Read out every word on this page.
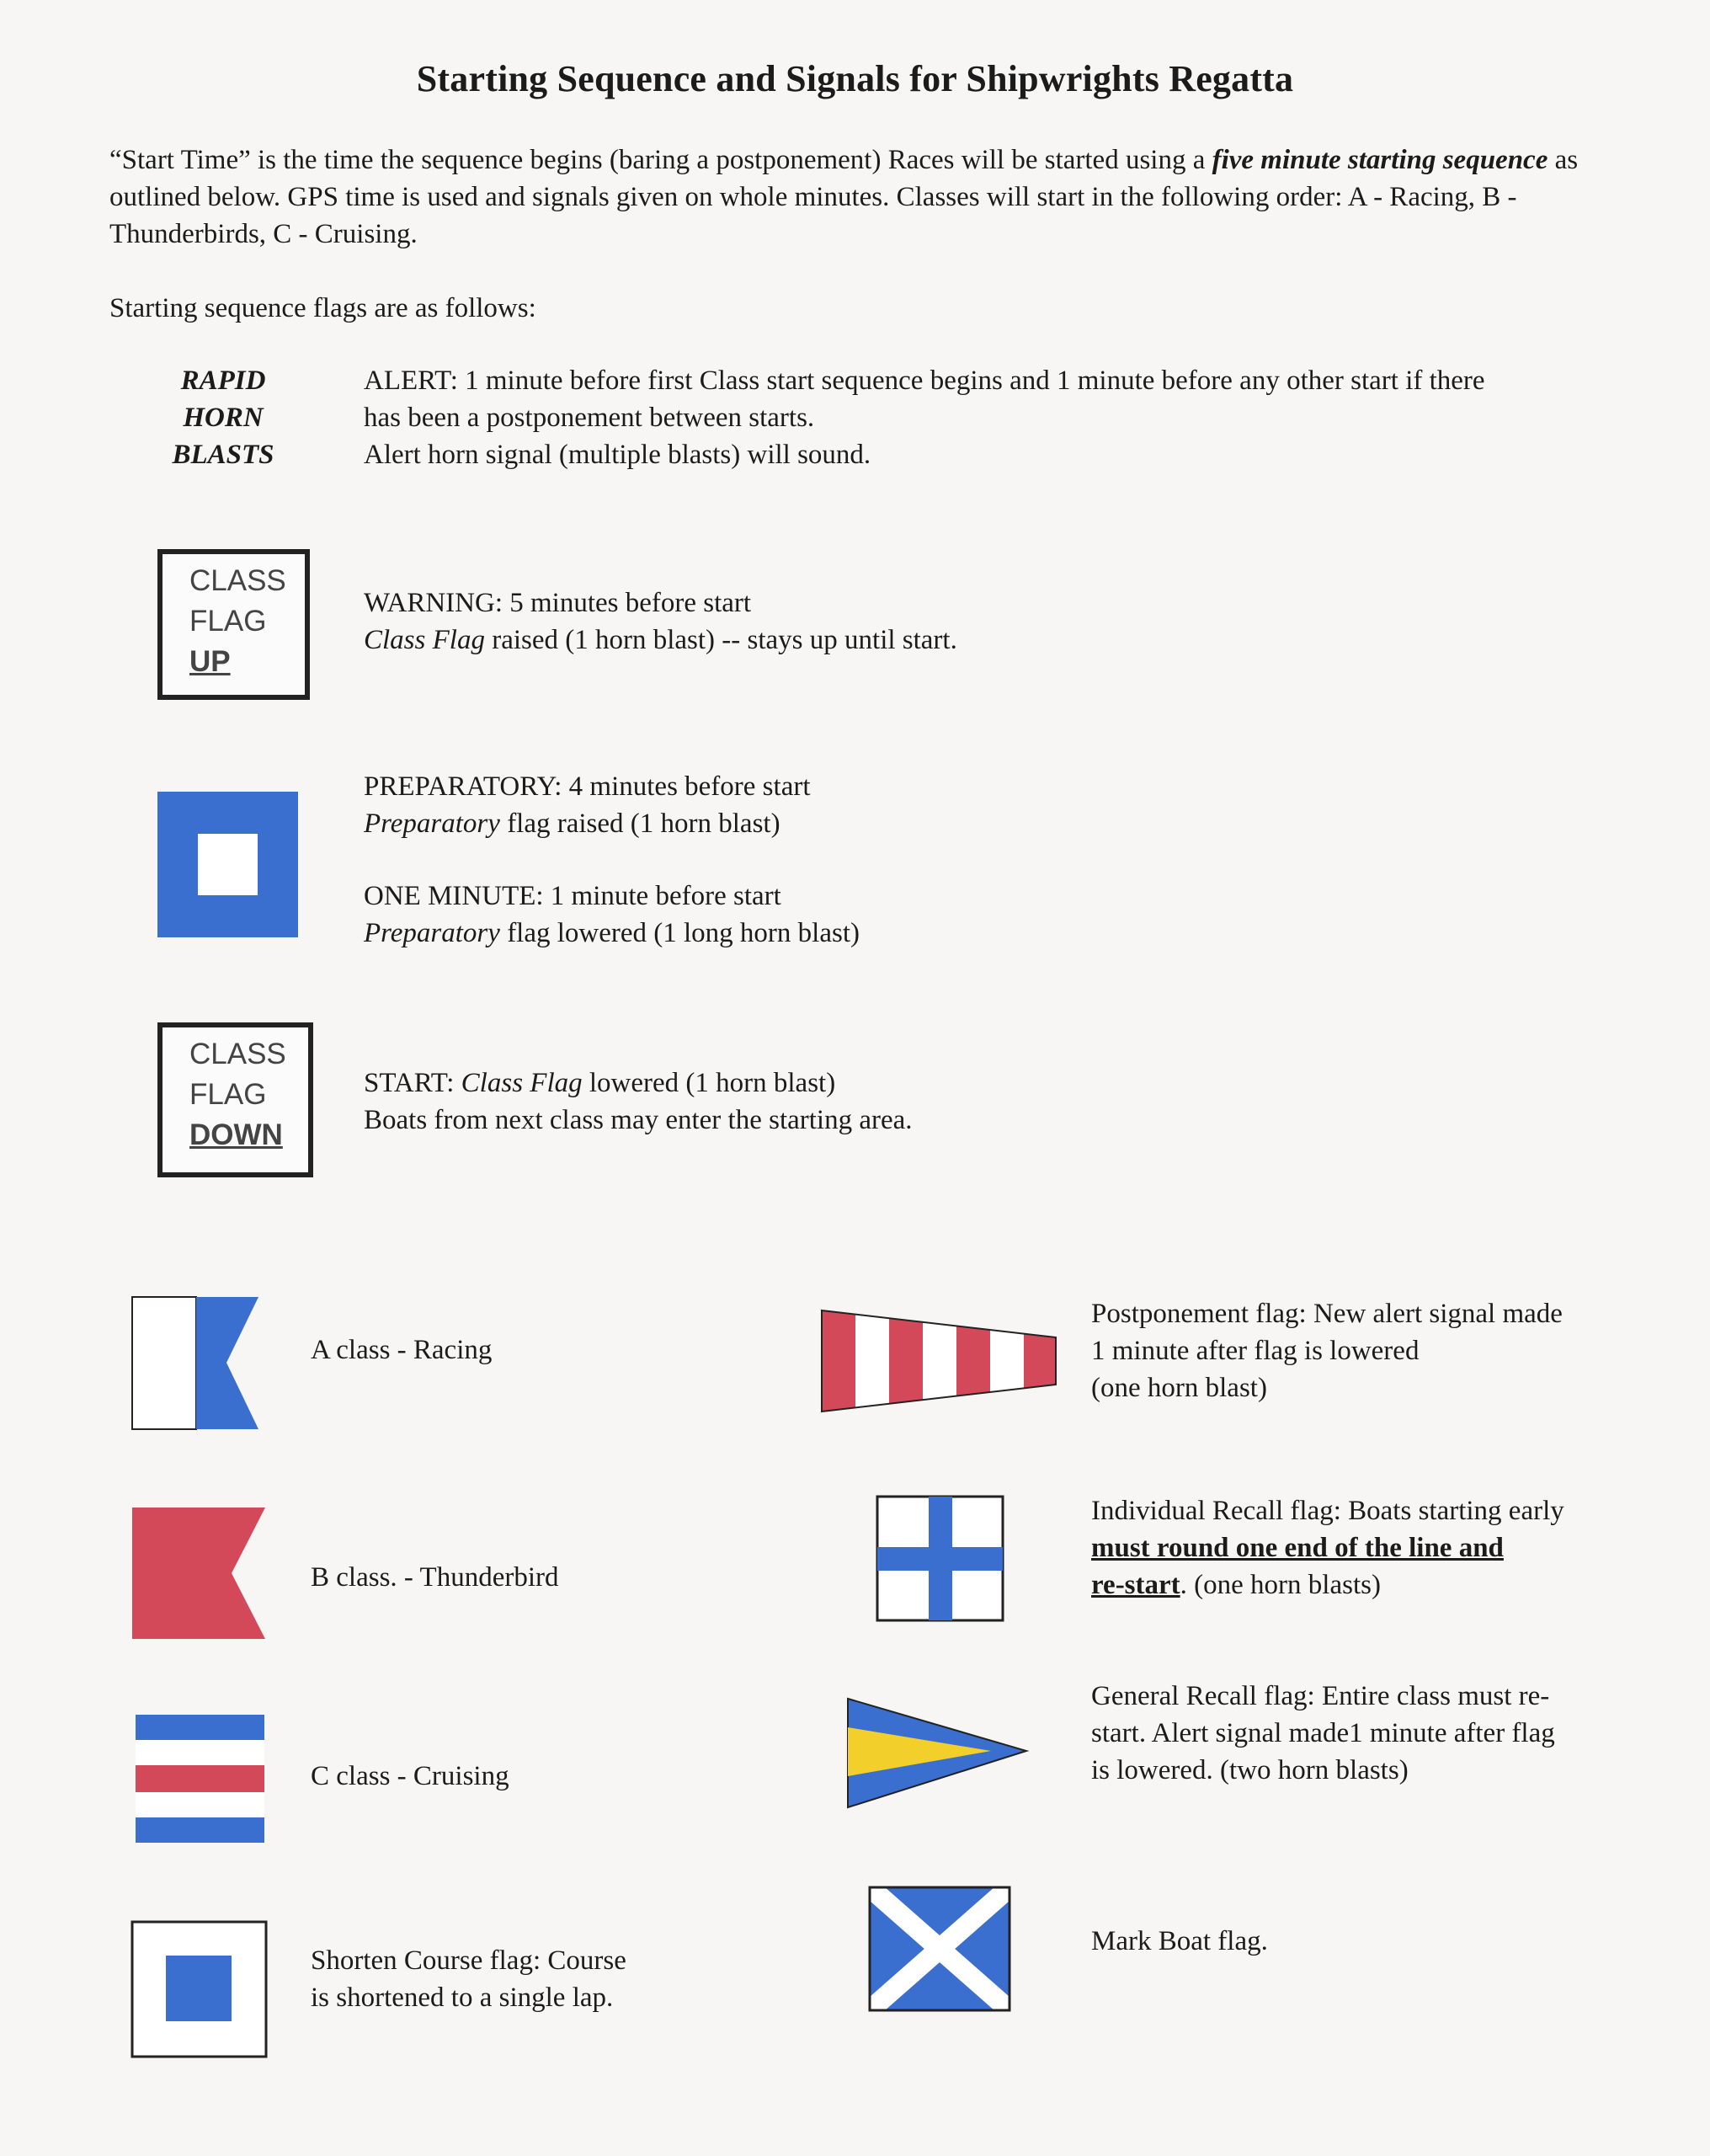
Starting Sequence and Signals for Shipwrights Regatta
“Start Time” is the time the sequence begins (baring a postponement) Races will be started using a five minute starting sequence as outlined below. GPS time is used and signals given on whole minutes. Classes will start in the following order: A - Racing, B - Thunderbirds, C - Cruising.
Starting sequence flags are as follows:
RAPID
HORN
BLASTS
ALERT: 1 minute before first Class start sequence begins and 1 minute before any other start if there
has been a postponement between starts.
Alert horn signal (multiple blasts) will sound.
CLASS
FLAG
UP
WARNING: 5 minutes before start
Class Flag raised (1 horn blast) -- stays up until start.
PREPARATORY: 4 minutes before start
Preparatory flag raised (1 horn blast)
ONE MINUTE: 1 minute before start
Preparatory flag lowered (1 long horn blast)
CLASS
FLAG
DOWN
START: Class Flag lowered (1 horn blast)
Boats from next class may enter the starting area.
A class - Racing
B class. - Thunderbird
C class - Cruising
Shorten Course flag: Course
is shortened to a single lap.
Postponement flag: New alert signal made
1 minute after flag is lowered
(one horn blast)
Individual Recall flag: Boats starting early
must round one end of the line and
re-start. (one horn blasts)
General Recall flag: Entire class must re-
start. Alert signal made1 minute after flag
is lowered. (two horn blasts)
Mark Boat flag.
